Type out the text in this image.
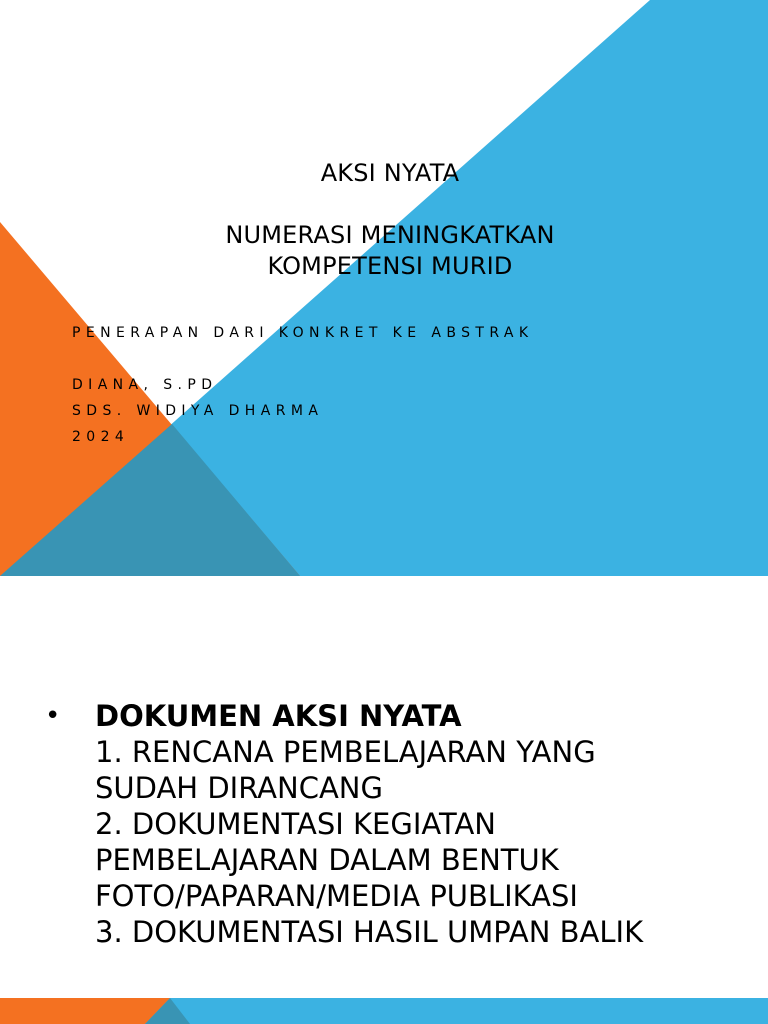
AKSI NYATA
NUMERASI MENINGKATKAN
KOMPETENSI MURID
PENERAPAN DARI KONKRET KE ABSTRAK
DIANA, S.PD
SDS. WIDIYA DHARMA
2024
• DOKUMEN AKSI NYATA
1. RENCANA PEMBELAJARAN YANG
SUDAH DIRANCANG
2. DOKUMENTASI KEGIATAN
PEMBELAJARAN DALAM BENTUK
FOTO/PAPARAN/MEDIA PUBLIKASI
3. DOKUMENTASI HASIL UMPAN BALIK
